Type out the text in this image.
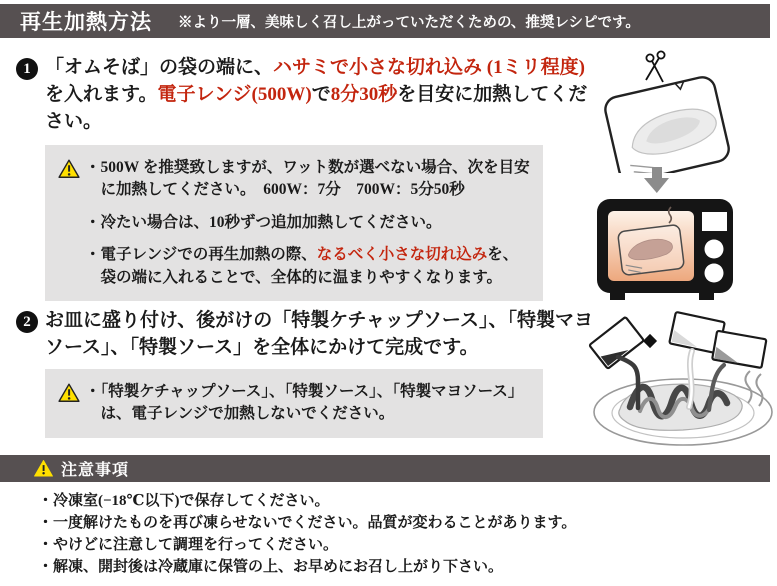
再生加熱方法 ※より一層、美味しく召し上がっていただくための、推奨レシピです。
1 「オムそば」の袋の端に、ハサミで小さな切れ込み (1ミリ程度)を入れます。電子レンジ(500W)で8分30秒を目安に加熱してください。

・500W を推奨致しますが、ワット数が選べない場合、次を目安に加熱してください。　600W：7分　700W：5分50秒

・冷たい場合は、10秒ずつ追加加熱してください。

・電子レンジでの再生加熱の際、なるべく小さな切れ込みを、袋の端に入れることで、全体的に温まりやすくなります。

2 お皿に盛り付け、後がけの「特製ケチャップソース」、「特製マヨソース」、「特製ソース」を全体にかけて完成です。

・「特製ケチャップソース」、「特製ソース」、「特製マヨソース」は、電子レンジで加熱しないでください。

注意事項
・冷凍室(−18℃以下)で保存してください。
・一度解けたものを再び凍らせないでください。品質が変わることがあります。
・やけどに注意して調理を行ってください。
・解凍、開封後は冷蔵庫に保管の上、お早めにお召し上がり下さい。
